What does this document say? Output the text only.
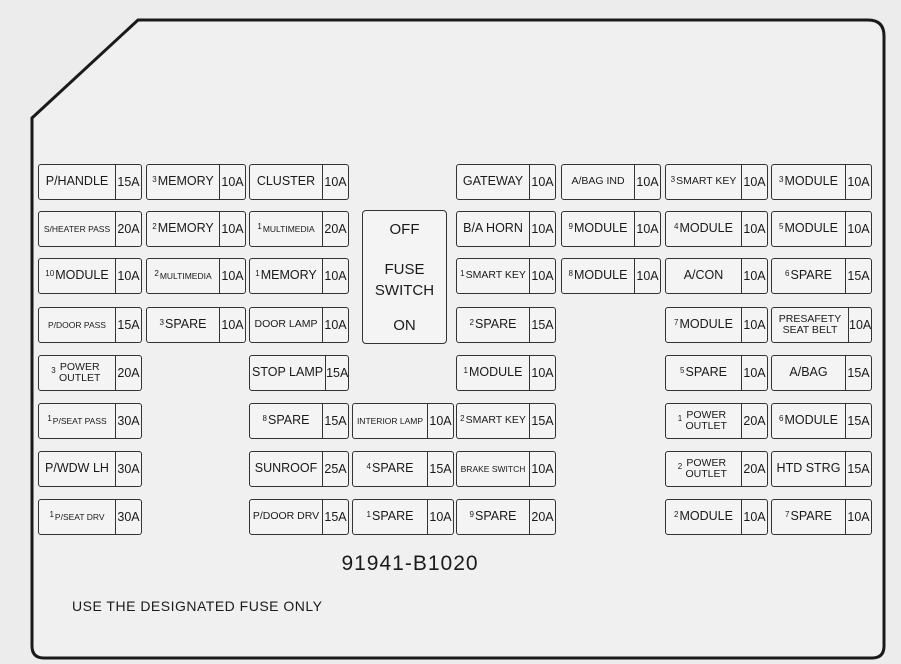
P/HANDLE 15A $^3$ MEMORY 10A CLUSTER 10A	GATEWAY 10A A/BAG IND 10A $^3$ SMART KEY 10A $^3$ MODULE 10A
S/HEATER PASS 20A $^2$ MEMORY 10A $^1$ MULTIMEDIA 20A	B/A HORN 10A $^9$ MODULE 10A $^4$ MODULE 10A $^5$ MODULE 10A
$^{10}$ MODULE 10A $^2$ MULTIMEDIA 10A $^1$ MEMORY 10A	$^1$ SMART KEY 10A $^8$ MODULE 10A A/CON 10A $^6$ SPARE 15A
P/DOOR PASS 15A $^3$ SPARE 10A DOOR LAMP 10A	$^2$ SPARE 15A	$^7$ MODULE 10A	PRESAFETY SEAT BELT 10A
$^3$ POWER OUTLET 20A	STOP LAMP 15A	$^1$ MODULE 10A	$^5$ SPARE 10A A/BAG 15A
$^1$ P/SEAT PASS 30A	$^8$ SPARE 15A INTERIOR LAMP 10A $^2$ SMART KEY 15A	$^1$ POWER OUTLET 20A $^6$ MODULE 15A
P/WDW LH 30A	SUNROOF 25A $^4$ SPARE 15A BRAKE SWITCH 10A	$^2$ POWER OUTLET 20A HTD STRG 15A
$^1$ P/SEAT DRV 30A	P/DOOR DRV 15A $^1$ SPARE 10A $^9$ SPARE 20A	$^2$ MODULE 10A $^7$ SPARE 10A
OFF
FUSE
SWITCH
ON
91941-B1020
USE THE DESIGNATED FUSE ONLY
